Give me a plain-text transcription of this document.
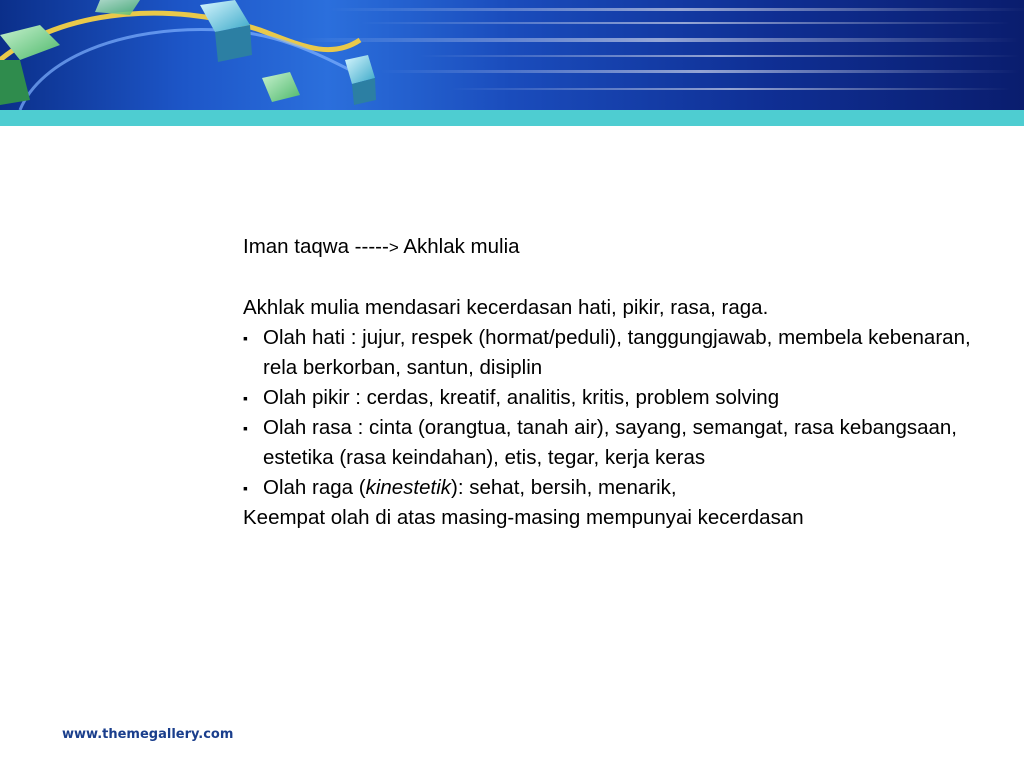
Iman taqwa -----> Akhlak mulia

Akhlak mulia mendasari kecerdasan hati, pikir, rasa, raga.

▪ Olah hati : jujur, respek (hormat/peduli), tanggungjawab, membela kebenaran, rela berkorban, santun, disiplin
▪ Olah pikir : cerdas, kreatif, analitis, kritis, problem solving
▪ Olah rasa : cinta (orangtua, tanah air), sayang, semangat, rasa kebangsaan, estetika (rasa keindahan), etis, tegar, kerja keras
▪ Olah raga (kinestetik): sehat, bersih, menarik,

Keempat olah di atas masing-masing mempunyai kecerdasan

www.themegallery.com
